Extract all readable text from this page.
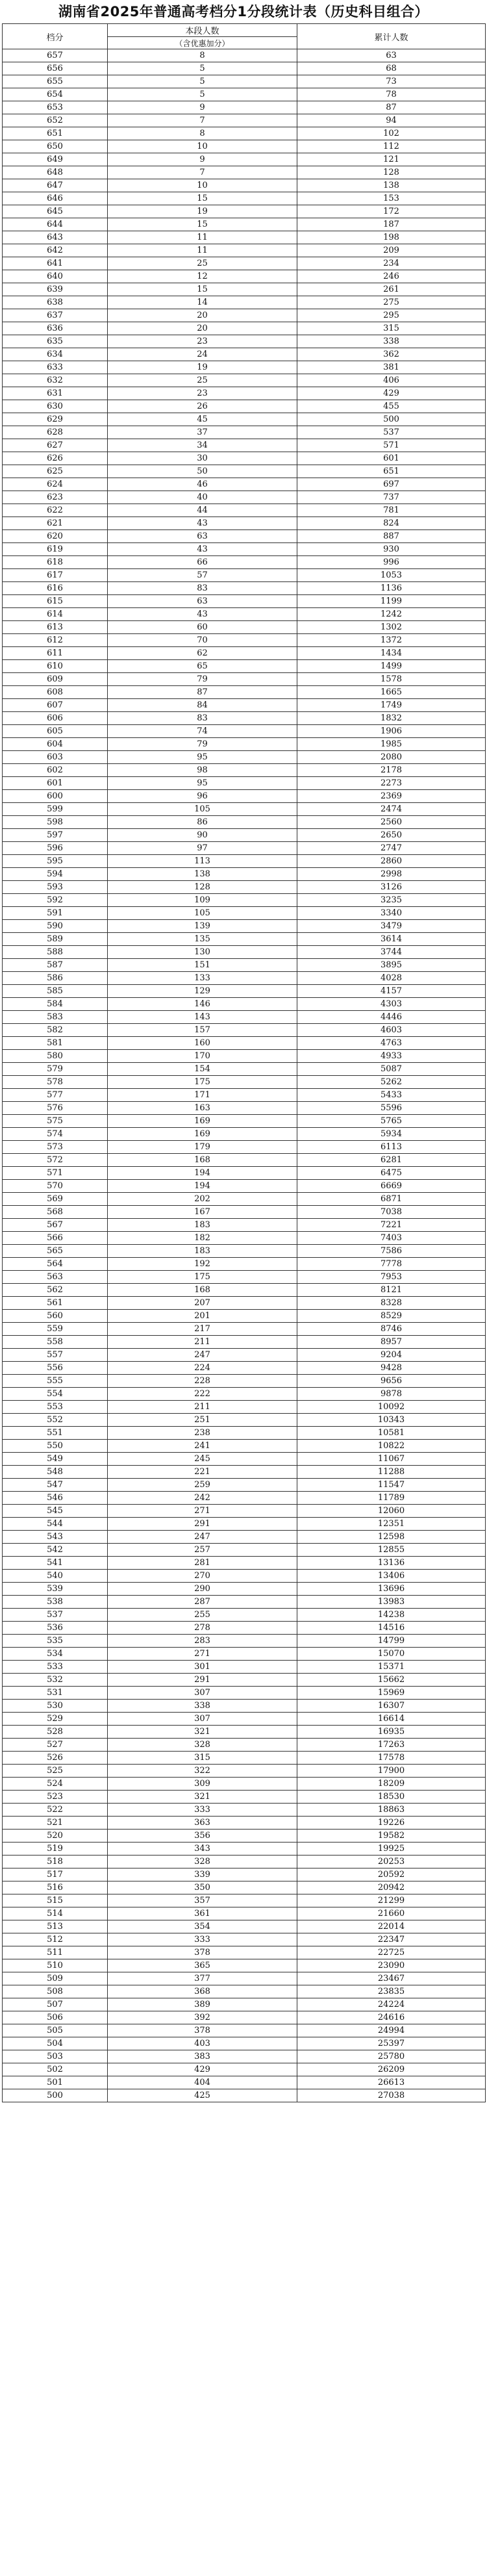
湖南省2025年普通高考档分1分段统计表（历史科目组合）
档分	本段人数	累计人数
	（含优惠加分）	
657	8	63
656	5	68
655	5	73
654	5	78
653	9	87
652	7	94
651	8	102
650	10	112
649	9	121
648	7	128
647	10	138
646	15	153
645	19	172
644	15	187
643	11	198
642	11	209
641	25	234
640	12	246
639	15	261
638	14	275
637	20	295
636	20	315
635	23	338
634	24	362
633	19	381
632	25	406
631	23	429
630	26	455
629	45	500
628	37	537
627	34	571
626	30	601
625	50	651
624	46	697
623	40	737
622	44	781
621	43	824
620	63	887
619	43	930
618	66	996
617	57	1053
616	83	1136
615	63	1199
614	43	1242
613	60	1302
612	70	1372
611	62	1434
610	65	1499
609	79	1578
608	87	1665
607	84	1749
606	83	1832
605	74	1906
604	79	1985
603	95	2080
602	98	2178
601	95	2273
600	96	2369
599	105	2474
598	86	2560
597	90	2650
596	97	2747
595	113	2860
594	138	2998
593	128	3126
592	109	3235
591	105	3340
590	139	3479
589	135	3614
588	130	3744
587	151	3895
586	133	4028
585	129	4157
584	146	4303
583	143	4446
582	157	4603
581	160	4763
580	170	4933
579	154	5087
578	175	5262
577	171	5433
576	163	5596
575	169	5765
574	169	5934
573	179	6113
572	168	6281
571	194	6475
570	194	6669
569	202	6871
568	167	7038
567	183	7221
566	182	7403
565	183	7586
564	192	7778
563	175	7953
562	168	8121
561	207	8328
560	201	8529
559	217	8746
558	211	8957
557	247	9204
556	224	9428
555	228	9656
554	222	9878
553	211	10092
552	251	10343
551	238	10581
550	241	10822
549	245	11067
548	221	11288
547	259	11547
546	242	11789
545	271	12060
544	291	12351
543	247	12598
542	257	12855
541	281	13136
540	270	13406
539	290	13696
538	287	13983
537	255	14238
536	278	14516
535	283	14799
534	271	15070
533	301	15371
532	291	15662
531	307	15969
530	338	16307
529	307	16614
528	321	16935
527	328	17263
526	315	17578
525	322	17900
524	309	18209
523	321	18530
522	333	18863
521	363	19226
520	356	19582
519	343	19925
518	328	20253
517	339	20592
516	350	20942
515	357	21299
514	361	21660
513	354	22014
512	333	22347
511	378	22725
510	365	23090
509	377	23467
508	368	23835
507	389	24224
506	392	24616
505	378	24994
504	403	25397
503	383	25780
502	429	26209
501	404	26613
500	425	27038
